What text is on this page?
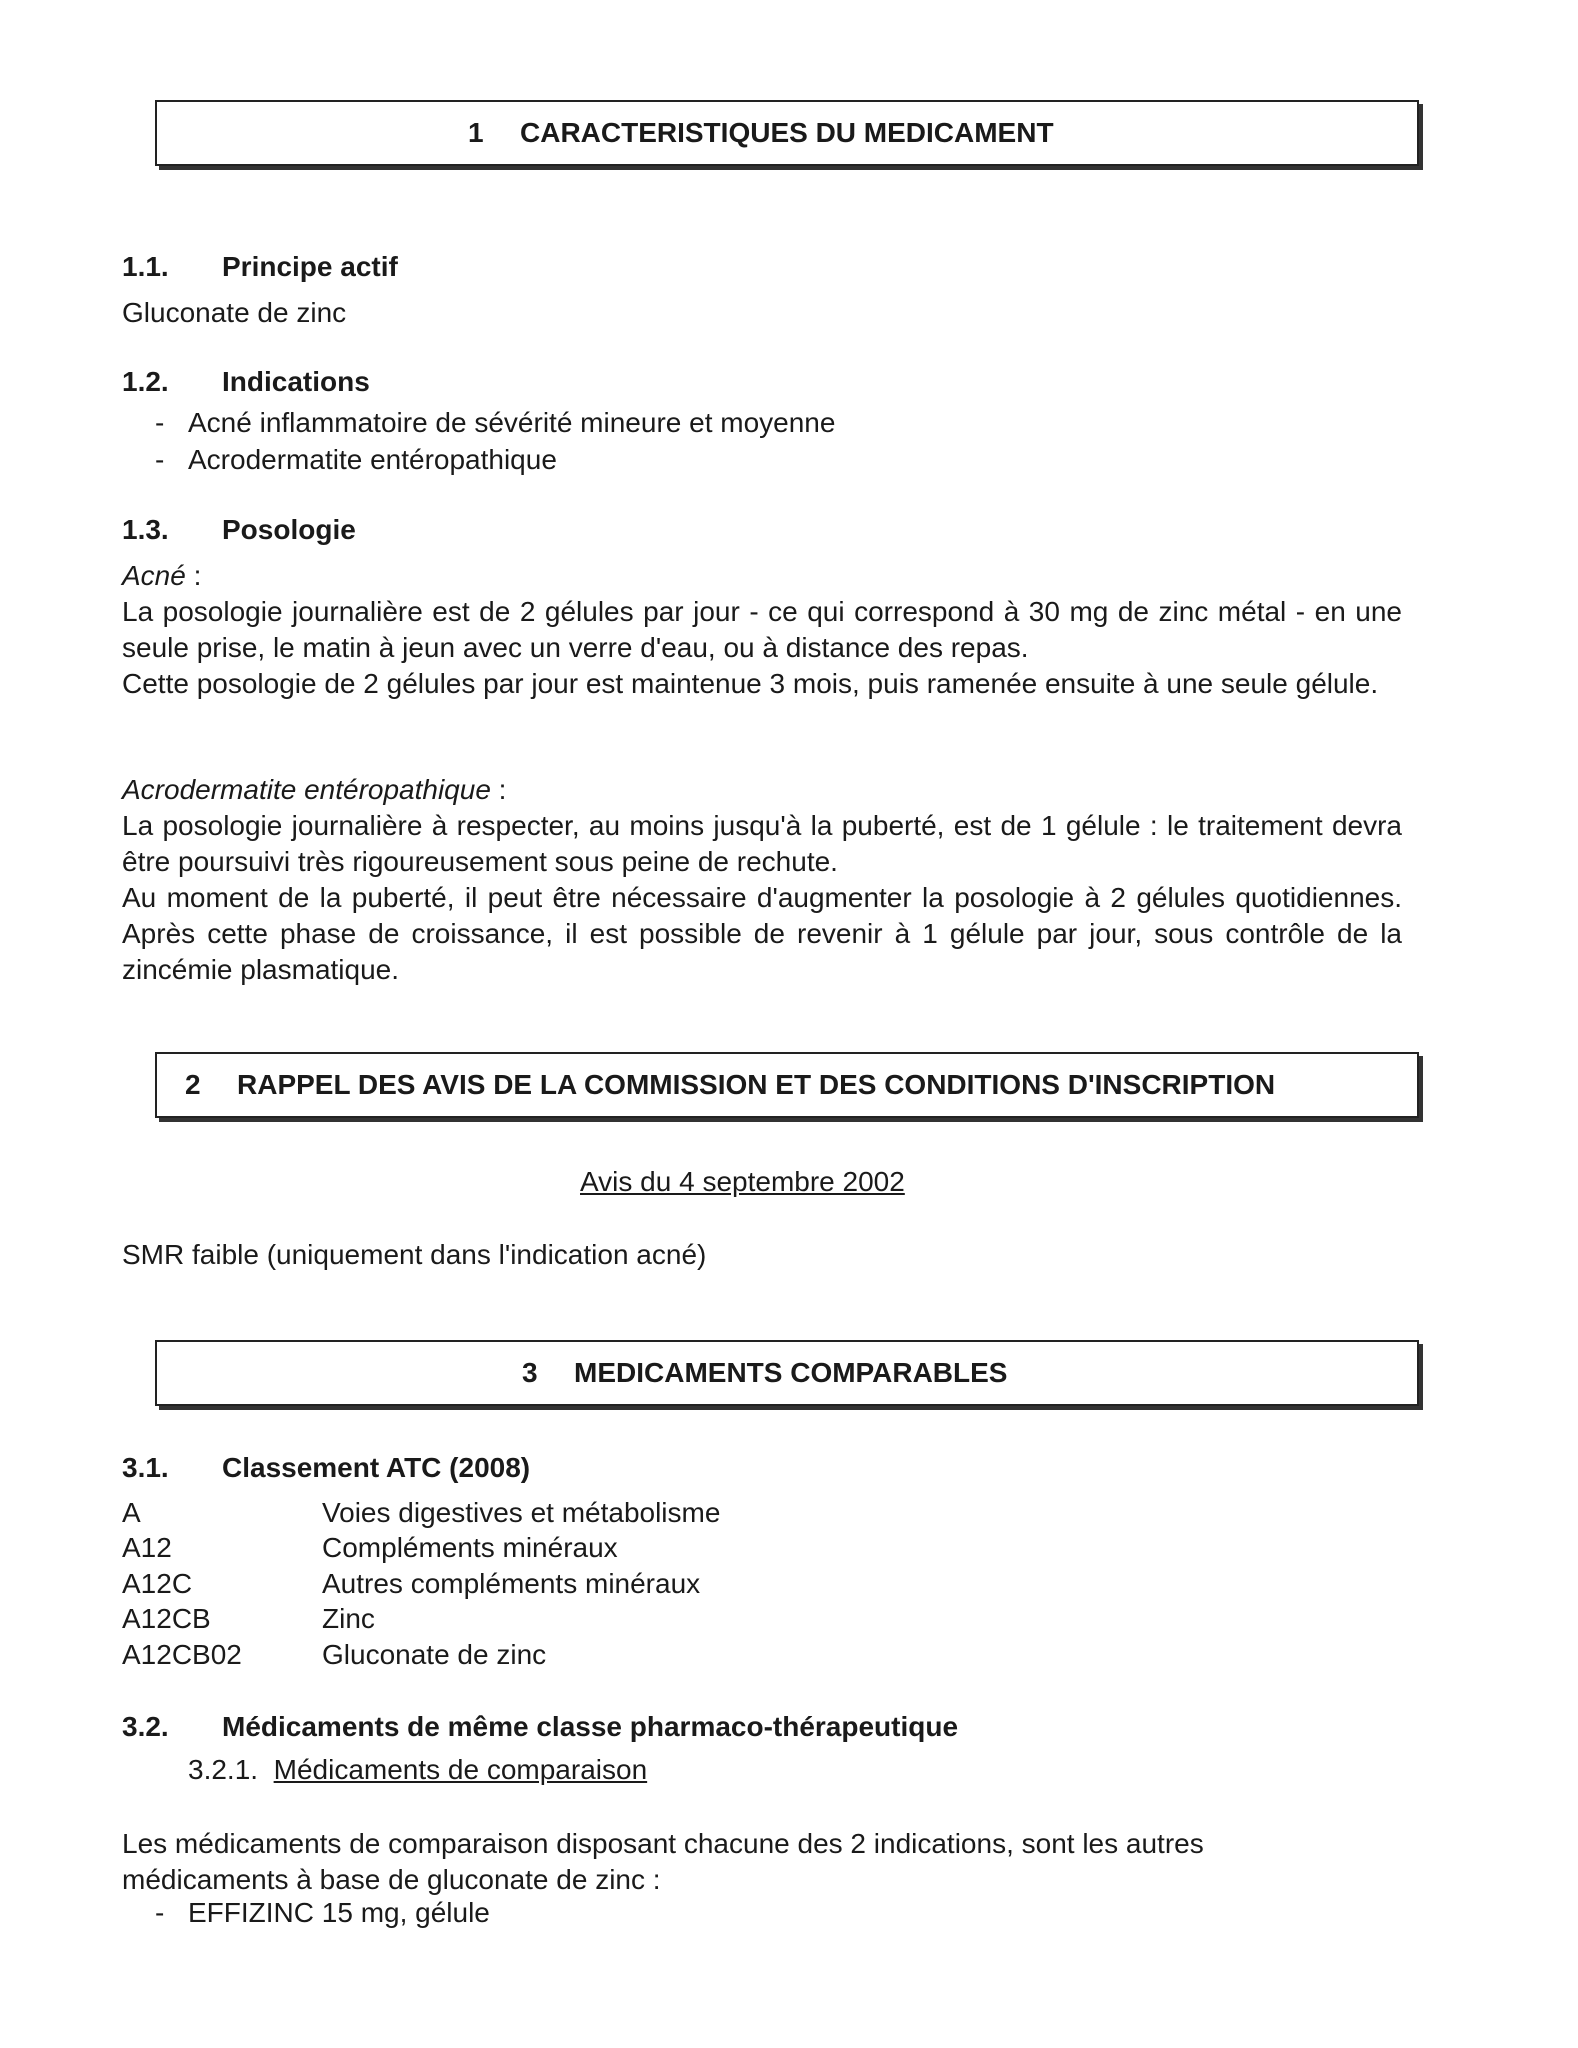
1 CARACTERISTIQUES DU MEDICAMENT
1.1. Principe actif
Gluconate de zinc
1.2. Indications
- Acné inflammatoire de sévérité mineure et moyenne
- Acrodermatite entéropathique
1.3. Posologie
Acné :
La posologie journalière est de 2 gélules par jour - ce qui correspond à 30 mg de zinc métal - en une seule prise, le matin à jeun avec un verre d'eau, ou à distance des repas.
Cette posologie de 2 gélules par jour est maintenue 3 mois, puis ramenée ensuite à une seule gélule.
Acrodermatite entéropathique :
La posologie journalière à respecter, au moins jusqu'à la puberté, est de 1 gélule : le traitement devra être poursuivi très rigoureusement sous peine de rechute.
Au moment de la puberté, il peut être nécessaire d'augmenter la posologie à 2 gélules quotidiennes. Après cette phase de croissance, il est possible de revenir à 1 gélule par jour, sous contrôle de la zincémie plasmatique.
2 RAPPEL DES AVIS DE LA COMMISSION ET DES CONDITIONS D'INSCRIPTION
Avis du 4 septembre 2002
SMR faible (uniquement dans l'indication acné)
3 MEDICAMENTS COMPARABLES
3.1. Classement ATC (2008)
A	Voies digestives et métabolisme
A12	Compléments minéraux
A12C	Autres compléments minéraux
A12CB	Zinc
A12CB02	Gluconate de zinc
3.2. Médicaments de même classe pharmaco-thérapeutique
3.2.1. Médicaments de comparaison
Les médicaments de comparaison disposant chacune des 2 indications, sont les autres médicaments à base de gluconate de zinc :
- EFFIZINC 15 mg, gélule
